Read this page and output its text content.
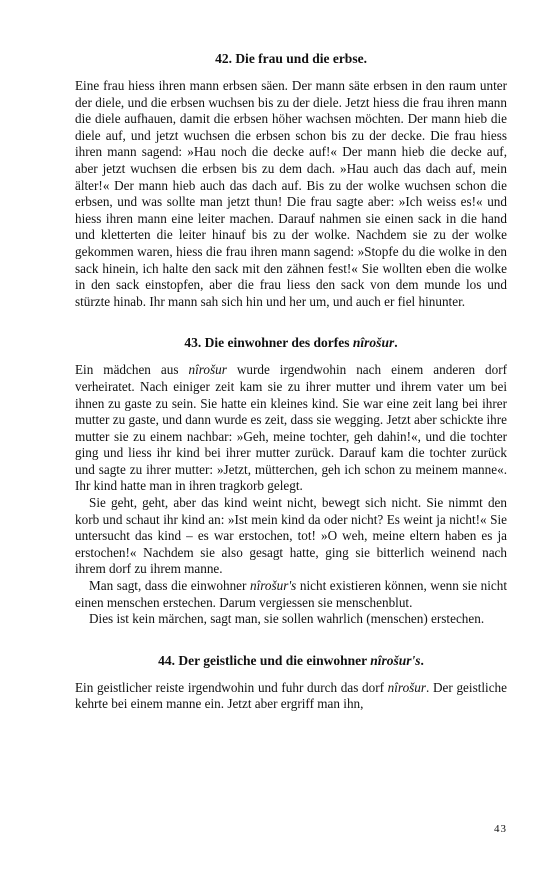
42. Die frau und die erbse.

Eine frau hiess ihren mann erbsen säen. Der mann säte erbsen in den raum unter der diele, und die erbsen wuchsen bis zu der diele. Jetzt hiess die frau ihren mann die diele aufhauen, damit die erbsen höher wachsen möchten. Der mann hieb die diele auf, und jetzt wuchsen die erbsen schon bis zu der decke. Die frau hiess ihren mann sagend: »Hau noch die decke auf!« Der mann hieb die decke auf, aber jetzt wuchsen die erbsen bis zu dem dach. »Hau auch das dach auf, mein älter!« Der mann hieb auch das dach auf. Bis zu der wolke wuchsen schon die erbsen, und was sollte man jetzt thun! Die frau sagte aber: »Ich weiss es!« und hiess ihren mann eine leiter machen. Darauf nahmen sie einen sack in die hand und kletterten die leiter hinauf bis zu der wolke. Nachdem sie zu der wolke gekommen waren, hiess die frau ihren mann sagend: »Stopfe du die wolke in den sack hinein, ich halte den sack mit den zähnen fest!« Sie wollten eben die wolke in den sack einstopfen, aber die frau liess den sack von dem munde los und stürzte hinab. Ihr mann sah sich hin und her um, und auch er fiel hinunter.

43. Die einwohner des dorfes nîrošur.

Ein mädchen aus nîrošur wurde irgendwohin nach einem anderen dorf verheiratet. Nach einiger zeit kam sie zu ihrer mutter und ihrem vater um bei ihnen zu gaste zu sein. Sie hatte ein kleines kind. Sie war eine zeit lang bei ihrer mutter zu gaste, und dann wurde es zeit, dass sie wegging. Jetzt aber schickte ihre mutter sie zu einem nachbar: »Geh, meine tochter, geh dahin!«, und die tochter ging und liess ihr kind bei ihrer mutter zurück. Darauf kam die tochter zurück und sagte zu ihrer mutter: »Jetzt, mütterchen, geh ich schon zu meinem manne«. Ihr kind hatte man in ihren tragkorb gelegt.

Sie geht, geht, aber das kind weint nicht, bewegt sich nicht. Sie nimmt den korb und schaut ihr kind an: »Ist mein kind da oder nicht? Es weint ja nicht!« Sie untersucht das kind – es war erstochen, tot! »O weh, meine eltern haben es ja erstochen!« Nachdem sie also gesagt hatte, ging sie bitterlich weinend nach ihrem dorf zu ihrem manne.

Man sagt, dass die einwohner nîrošur's nicht existieren können, wenn sie nicht einen menschen erstechen. Darum vergiessen sie menschenblut.

Dies ist kein märchen, sagt man, sie sollen wahrlich (menschen) erstechen.

44. Der geistliche und die einwohner nîrošur's.

Ein geistlicher reiste irgendwohin und fuhr durch das dorf nîrošur. Der geistliche kehrte bei einem manne ein. Jetzt aber ergriff man ihn,

43
